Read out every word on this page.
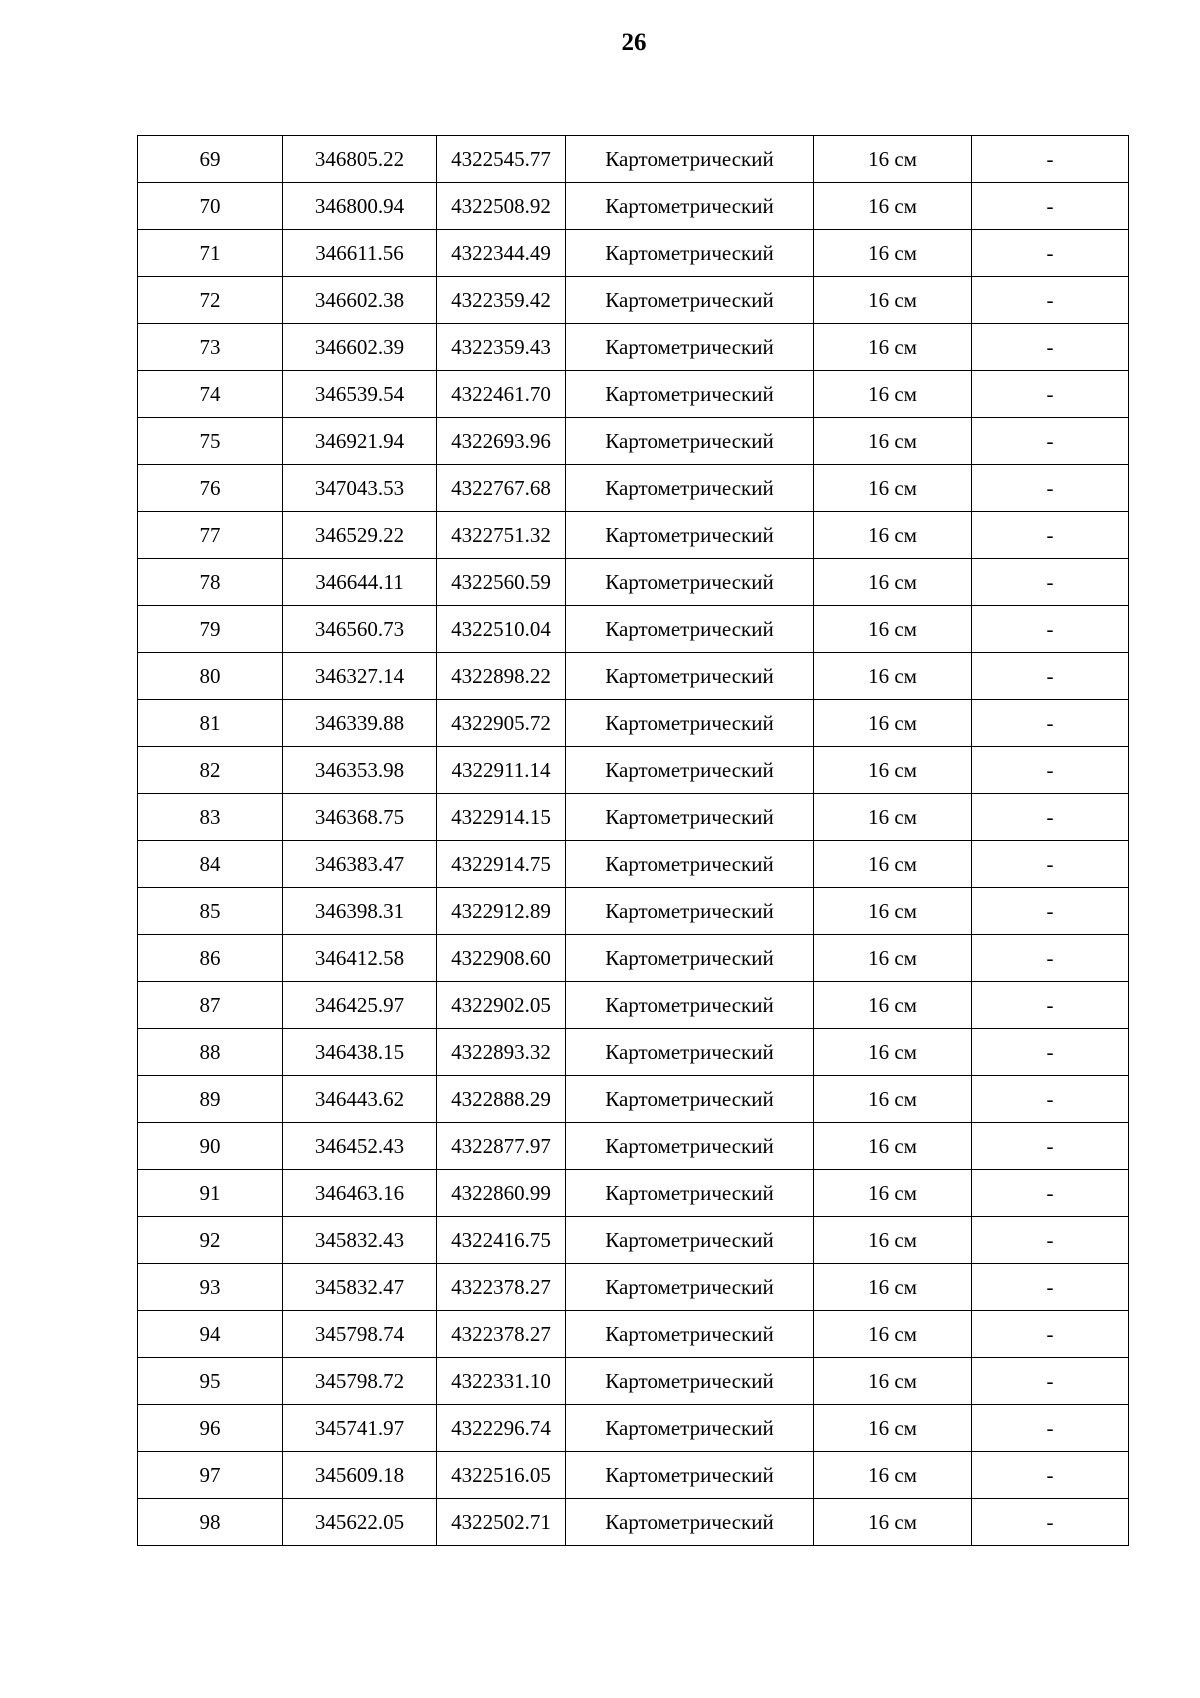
26
69	346805.22	4322545.77	Картометрический	16 см	-
70	346800.94	4322508.92	Картометрический	16 см	-
71	346611.56	4322344.49	Картометрический	16 см	-
72	346602.38	4322359.42	Картометрический	16 см	-
73	346602.39	4322359.43	Картометрический	16 см	-
74	346539.54	4322461.70	Картометрический	16 см	-
75	346921.94	4322693.96	Картометрический	16 см	-
76	347043.53	4322767.68	Картометрический	16 см	-
77	346529.22	4322751.32	Картометрический	16 см	-
78	346644.11	4322560.59	Картометрический	16 см	-
79	346560.73	4322510.04	Картометрический	16 см	-
80	346327.14	4322898.22	Картометрический	16 см	-
81	346339.88	4322905.72	Картометрический	16 см	-
82	346353.98	4322911.14	Картометрический	16 см	-
83	346368.75	4322914.15	Картометрический	16 см	-
84	346383.47	4322914.75	Картометрический	16 см	-
85	346398.31	4322912.89	Картометрический	16 см	-
86	346412.58	4322908.60	Картометрический	16 см	-
87	346425.97	4322902.05	Картометрический	16 см	-
88	346438.15	4322893.32	Картометрический	16 см	-
89	346443.62	4322888.29	Картометрический	16 см	-
90	346452.43	4322877.97	Картометрический	16 см	-
91	346463.16	4322860.99	Картометрический	16 см	-
92	345832.43	4322416.75	Картометрический	16 см	-
93	345832.47	4322378.27	Картометрический	16 см	-
94	345798.74	4322378.27	Картометрический	16 см	-
95	345798.72	4322331.10	Картометрический	16 см	-
96	345741.97	4322296.74	Картометрический	16 см	-
97	345609.18	4322516.05	Картометрический	16 см	-
98	345622.05	4322502.71	Картометрический	16 см	-
